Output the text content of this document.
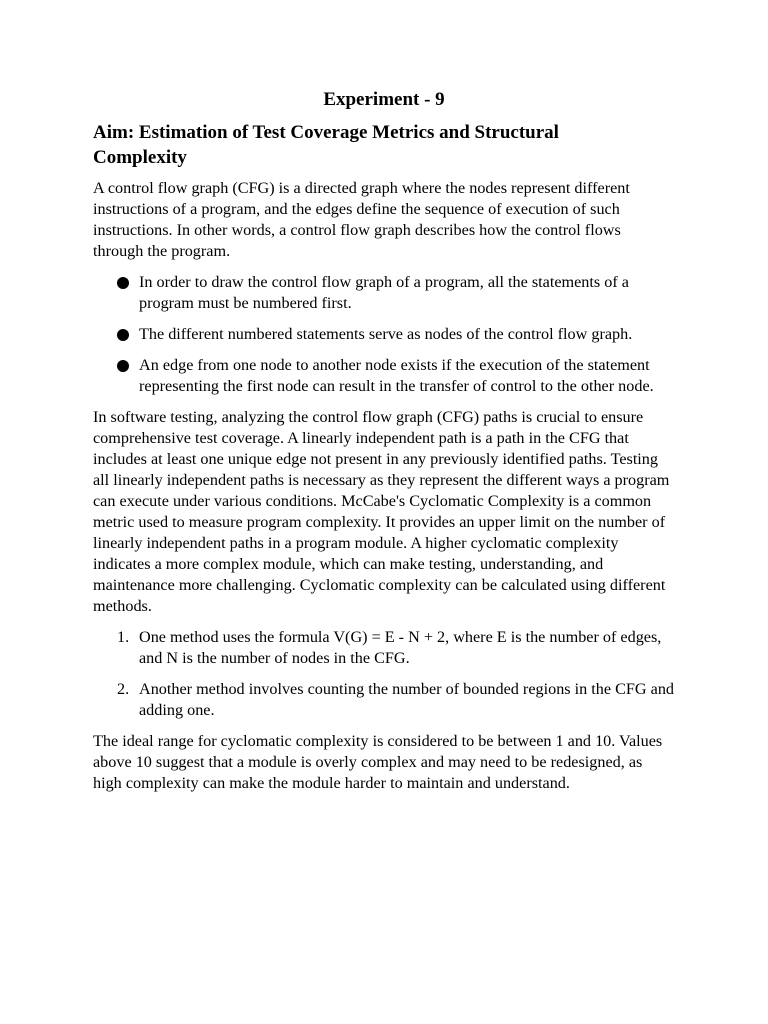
Experiment - 9
Aim: Estimation of Test Coverage Metrics and Structural Complexity

A control flow graph (CFG) is a directed graph where the nodes represent different instructions of a program, and the edges define the sequence of execution of such instructions. In other words, a control flow graph describes how the control flows through the program.

In order to draw the control flow graph of a program, all the statements of a program must be numbered first.
The different numbered statements serve as nodes of the control flow graph.
An edge from one node to another node exists if the execution of the statement representing the first node can result in the transfer of control to the other node.

In software testing, analyzing the control flow graph (CFG) paths is crucial to ensure comprehensive test coverage. A linearly independent path is a path in the CFG that includes at least one unique edge not present in any previously identified paths. Testing all linearly independent paths is necessary as they represent the different ways a program can execute under various conditions. McCabe's Cyclomatic Complexity is a common metric used to measure program complexity. It provides an upper limit on the number of linearly independent paths in a program module. A higher cyclomatic complexity indicates a more complex module, which can make testing, understanding, and maintenance more challenging. Cyclomatic complexity can be calculated using different methods.

1. One method uses the formula V(G) = E - N + 2, where E is the number of edges, and N is the number of nodes in the CFG.
2. Another method involves counting the number of bounded regions in the CFG and adding one.

The ideal range for cyclomatic complexity is considered to be between 1 and 10. Values above 10 suggest that a module is overly complex and may need to be redesigned, as high complexity can make the module harder to maintain and understand.
